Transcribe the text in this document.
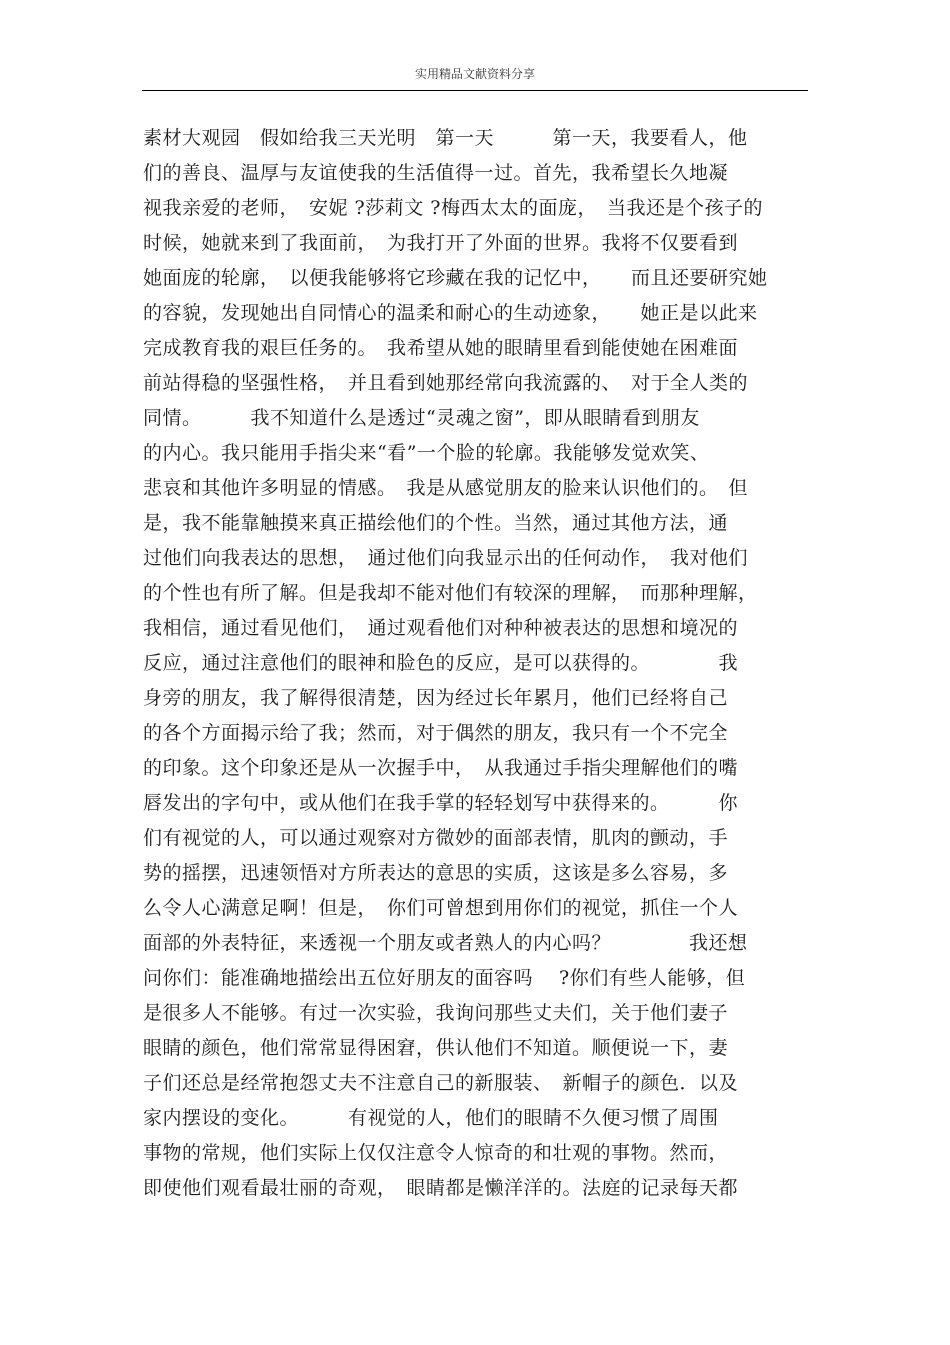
实用精品文献资料分享
素材大观园　假如给我三天光明　第一天　　　第一天，我要看人，他
们的善良、温厚与友谊使我的生活值得一过。首先，我希望长久地凝
视我亲爱的老师，　安妮 ?莎莉文 ?梅西太太的面庞，　当我还是个孩子的
时候，她就来到了我面前，　为我打开了外面的世界。我将不仅要看到
她面庞的轮廓，　以便我能够将它珍藏在我的记忆中，　　而且还要研究她
的容貌，发现她出自同情心的温柔和耐心的生动迹象，　　她正是以此来
完成教育我的艰巨任务的。　我希望从她的眼睛里看到能使她在困难面
前站得稳的坚强性格，　并且看到她那经常向我流露的、　对于全人类的
同情。　　　我不知道什么是透过“灵魂之窗”，即从眼睛看到朋友
的内心。我只能用手指尖来“看”一个脸的轮廓。我能够发觉欢笑、
悲哀和其他许多明显的情感。　我是从感觉朋友的脸来认识他们的。　但
是，我不能靠触摸来真正描绘他们的个性。当然，通过其他方法，通
过他们向我表达的思想，　通过他们向我显示出的任何动作，　我对他们
的个性也有所了解。但是我却不能对他们有较深的理解，　而那种理解，
我相信，通过看见他们，　通过观看他们对种种被表达的思想和境况的
反应，通过注意他们的眼神和脸色的反应，是可以获得的。　　　　我
身旁的朋友，我了解得很清楚，因为经过长年累月，他们已经将自己
的各个方面揭示给了我；然而，对于偶然的朋友，我只有一个不完全
的印象。这个印象还是从一次握手中，　从我通过手指尖理解他们的嘴
唇发出的字句中，或从他们在我手掌的轻轻划写中获得来的。　　　你
们有视觉的人，可以通过观察对方微妙的面部表情，肌肉的颤动，手
势的摇摆，迅速领悟对方所表达的意思的实质，这该是多么容易，多
么令人心满意足啊！但是，　你们可曾想到用你们的视觉，抓住一个人
面部的外表特征，来透视一个朋友或者熟人的内心吗？　　　　我还想
问你们：能准确地描绘出五位好朋友的面容吗　 ?你们有些人能够，但
是很多人不能够。有过一次实验，我询问那些丈夫们，关于他们妻子
眼睛的颜色，他们常常显得困窘，供认他们不知道。顺便说一下，妻
子们还总是经常抱怨丈夫不注意自己的新服装、　新帽子的颜色．以及
家内摆设的变化。　　　有视觉的人，他们的眼睛不久便习惯了周围
事物的常规，他们实际上仅仅注意令人惊奇的和壮观的事物。然而，
即使他们观看最壮丽的奇观，　眼睛都是懒洋洋的。法庭的记录每天都
